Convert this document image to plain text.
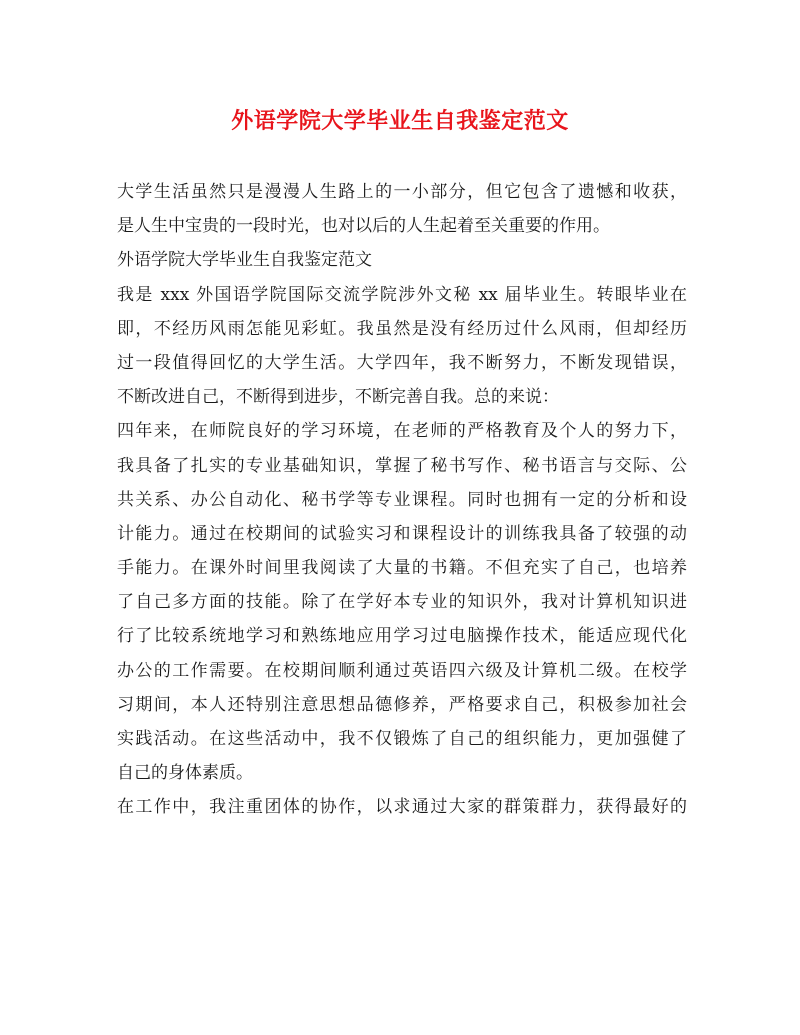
外语学院大学毕业生自我鉴定范文
大学生活虽然只是漫漫人生路上的一小部分，但它包含了遗憾和收获，
是人生中宝贵的一段时光，也对以后的人生起着至关重要的作用。
外语学院大学毕业生自我鉴定范文
我是 xxx 外国语学院国际交流学院涉外文秘 xx 届毕业生。转眼毕业在
即，不经历风雨怎能见彩虹。我虽然是没有经历过什么风雨，但却经历
过一段值得回忆的大学生活。大学四年，我不断努力，不断发现错误，
不断改进自己，不断得到进步，不断完善自我。总的来说：
四年来，在师院良好的学习环境，在老师的严格教育及个人的努力下，
我具备了扎实的专业基础知识，掌握了秘书写作、秘书语言与交际、公
共关系、办公自动化、秘书学等专业课程。同时也拥有一定的分析和设
计能力。通过在校期间的试验实习和课程设计的训练我具备了较强的动
手能力。在课外时间里我阅读了大量的书籍。不但充实了自己，也培养
了自己多方面的技能。除了在学好本专业的知识外，我对计算机知识进
行了比较系统地学习和熟练地应用学习过电脑操作技术，能适应现代化
办公的工作需要。在校期间顺利通过英语四六级及计算机二级。在校学
习期间，本人还特别注意思想品德修养，严格要求自己，积极参加社会
实践活动。在这些活动中，我不仅锻炼了自己的组织能力，更加强健了
自己的身体素质。
在工作中，我注重团体的协作，以求通过大家的群策群力，获得最好的
